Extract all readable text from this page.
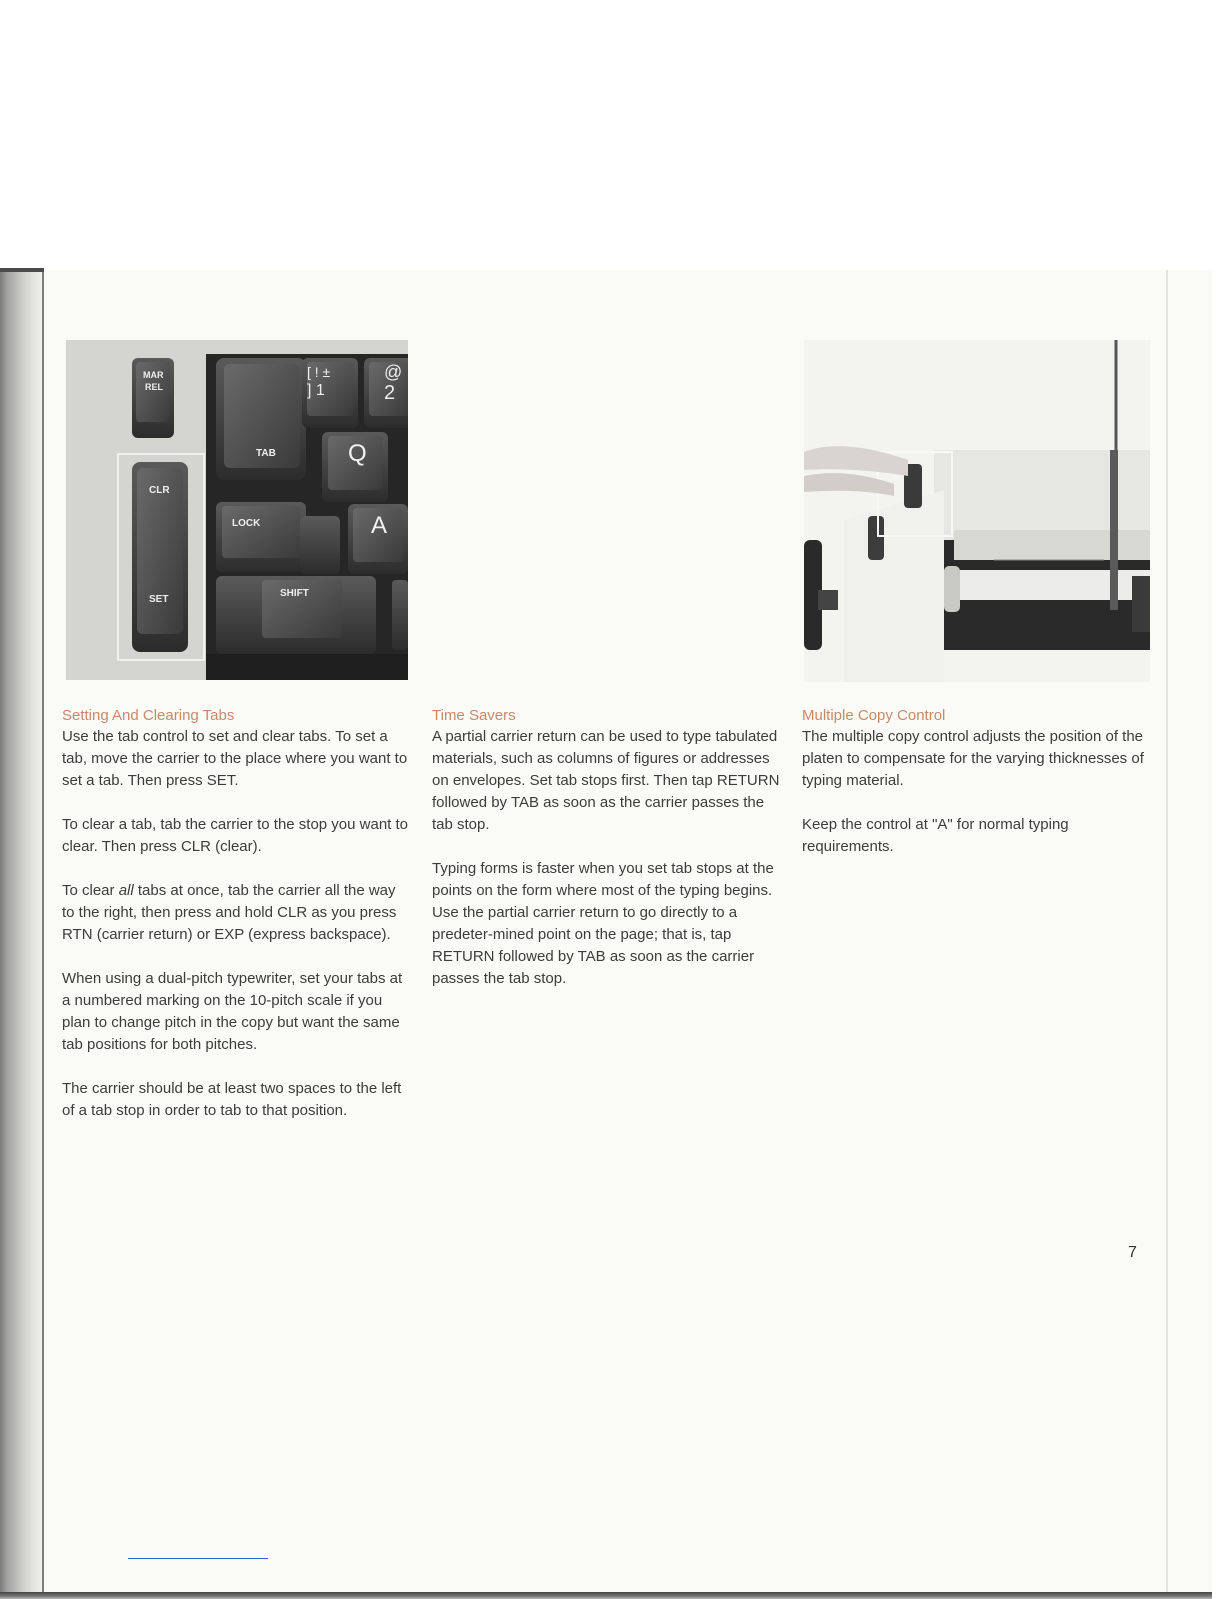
MAR
REL
CLR
SET
TAB
[ ! ±
] 1
@
2
Q
LOCK	A
SHIFT
Setting And Clearing Tabs

Use the tab control to set and clear tabs. To set a tab, move the carrier to the place where you want to set a tab. Then press SET.

To clear a tab, tab the carrier to the stop you want to clear. Then press CLR (clear).

To clear all tabs at once, tab the carrier all the way to the right, then press and hold CLR as you press RTN (carrier return) or EXP (express backspace).

When using a dual-pitch typewriter, set your tabs at a numbered marking on the 10-pitch scale if you plan to change pitch in the copy but want the same tab positions for both pitches.

The carrier should be at least two spaces to the left of a tab stop in order to tab to that position.

Time Savers

A partial carrier return can be used to type tabulated materials, such as columns of figures or addresses on envelopes. Set tab stops first. Then tap RETURN followed by TAB as soon as the carrier passes the tab stop.

Typing forms is faster when you set tab stops at the points on the form where most of the typing begins. Use the partial carrier return to go directly to a predeter-mined point on the page; that is, tap RETURN followed by TAB as soon as the carrier passes the tab stop.

Multiple Copy Control

The multiple copy control adjusts the position of the platen to compensate for the varying thicknesses of typing material.

Keep the control at "A" for normal typing requirements.

7
